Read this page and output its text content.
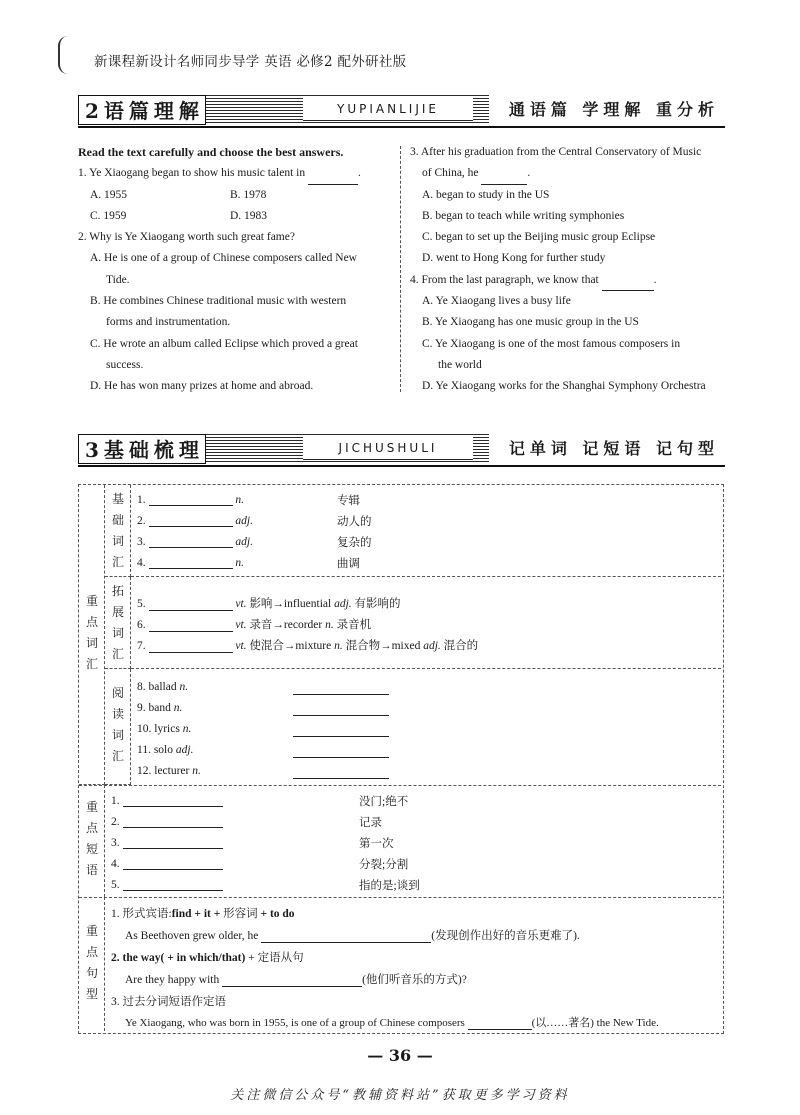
新课程新设计名师同步导学 英语 必修2 配外研社版
2语篇理解	YUPIANLIJIE	通语篇 学理解 重分析
Read the text carefully and choose the best answers.
1. Ye Xiaogang began to show his music talent in	.
A. 1955	B. 1978
C. 1959	D. 1983
2. Why is Ye Xiaogang worth such great fame?
A. He is one of a group of Chinese composers called New
Tide.
B. He combines Chinese traditional music with western
forms and instrumentation.
C. He wrote an album called Eclipse which proved a great
success.
D. He has won many prizes at home and abroad.
3. After his graduation from the Central Conservatory of Music
of China, he	.
A. began to study in the US
B. began to teach while writing symphonies
C. began to set up the Beijing music group Eclipse
D. went to Hong Kong for further study
4. From the last paragraph, we know that	.
A. Ye Xiaogang lives a busy life
B. Ye Xiaogang has one music group in the US
C. Ye Xiaogang is one of the most famous composers in
the world
D. Ye Xiaogang works for the Shanghai Symphony Orchestra
3基础梳理	JICHUSHULI	记单词 记短语 记句型
重点词汇
基础词汇
1.	n.	专辑
2.	adj.	动人的
3.	adj.	复杂的
4.	n.	曲调
拓展词汇
5.	vt. 影响→influential adj. 有影响的
6.	vt. 录音→recorder n. 录音机
7.	vt. 使混合→mixture n. 混合物→mixed adj. 混合的
阅读词汇
8. ballad n.
9. band n.
10. lyrics n.
11. solo adj.
12. lecturer n.
重点短语
1.	没门;绝不
2.	记录
3.	第一次
4.	分裂;分割
5.	指的是;谈到
重点句型
1. 形式宾语:find + it + 形容词 + to do
As Beethoven grew older, he	(发现创作出好的音乐更难了).
2. the way( + in which/that) + 定语从句
Are they happy with	(他们听音乐的方式)?
3. 过去分词短语作定语
Ye Xiaogang, who was born in 1955, is one of a group of Chinese composers	(以……著名) the New Tide.
— 36 —
关注微信公众号“教辅资料站”获取更多学习资料
